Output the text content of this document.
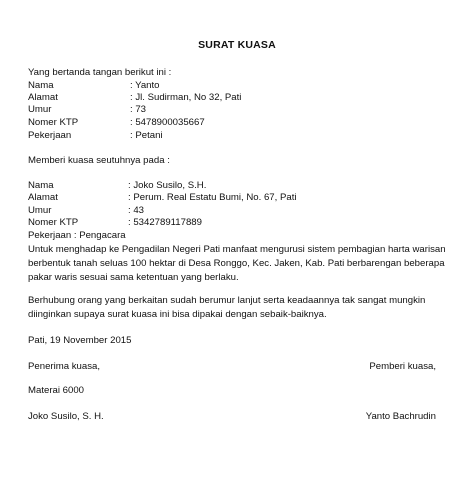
SURAT KUASA
Yang bertanda tangan berikut ini :
Nama	: Yanto
Alamat	: Jl. Sudirman, No 32, Pati
Umur	: 73
Nomer KTP	: 5478900035667
Pekerjaan	: Petani
Memberi kuasa seutuhnya pada :
Nama	: Joko Susilo, S.H.
Alamat	: Perum. Real Estatu Bumi, No. 67, Pati
Umur	: 43
Nomer KTP	: 5342789117889
Pekerjaan : Pengacara
Untuk menghadap ke Pengadilan Negeri Pati manfaat mengurusi sistem pembagian harta warisan berbentuk tanah seluas 100 hektar di Desa Ronggo, Kec. Jaken, Kab. Pati berbarengan beberapa pakar waris sesuai sama ketentuan yang berlaku.
Berhubung orang yang berkaitan sudah berumur lanjut serta keadaannya tak sangat mungkin diinginkan supaya surat kuasa ini bisa dipakai dengan sebaik-baiknya.
Pati, 19 November 2015
Penerima kuasa,	Pemberi kuasa,
Materai 6000
Joko Susilo, S. H.	Yanto Bachrudin
